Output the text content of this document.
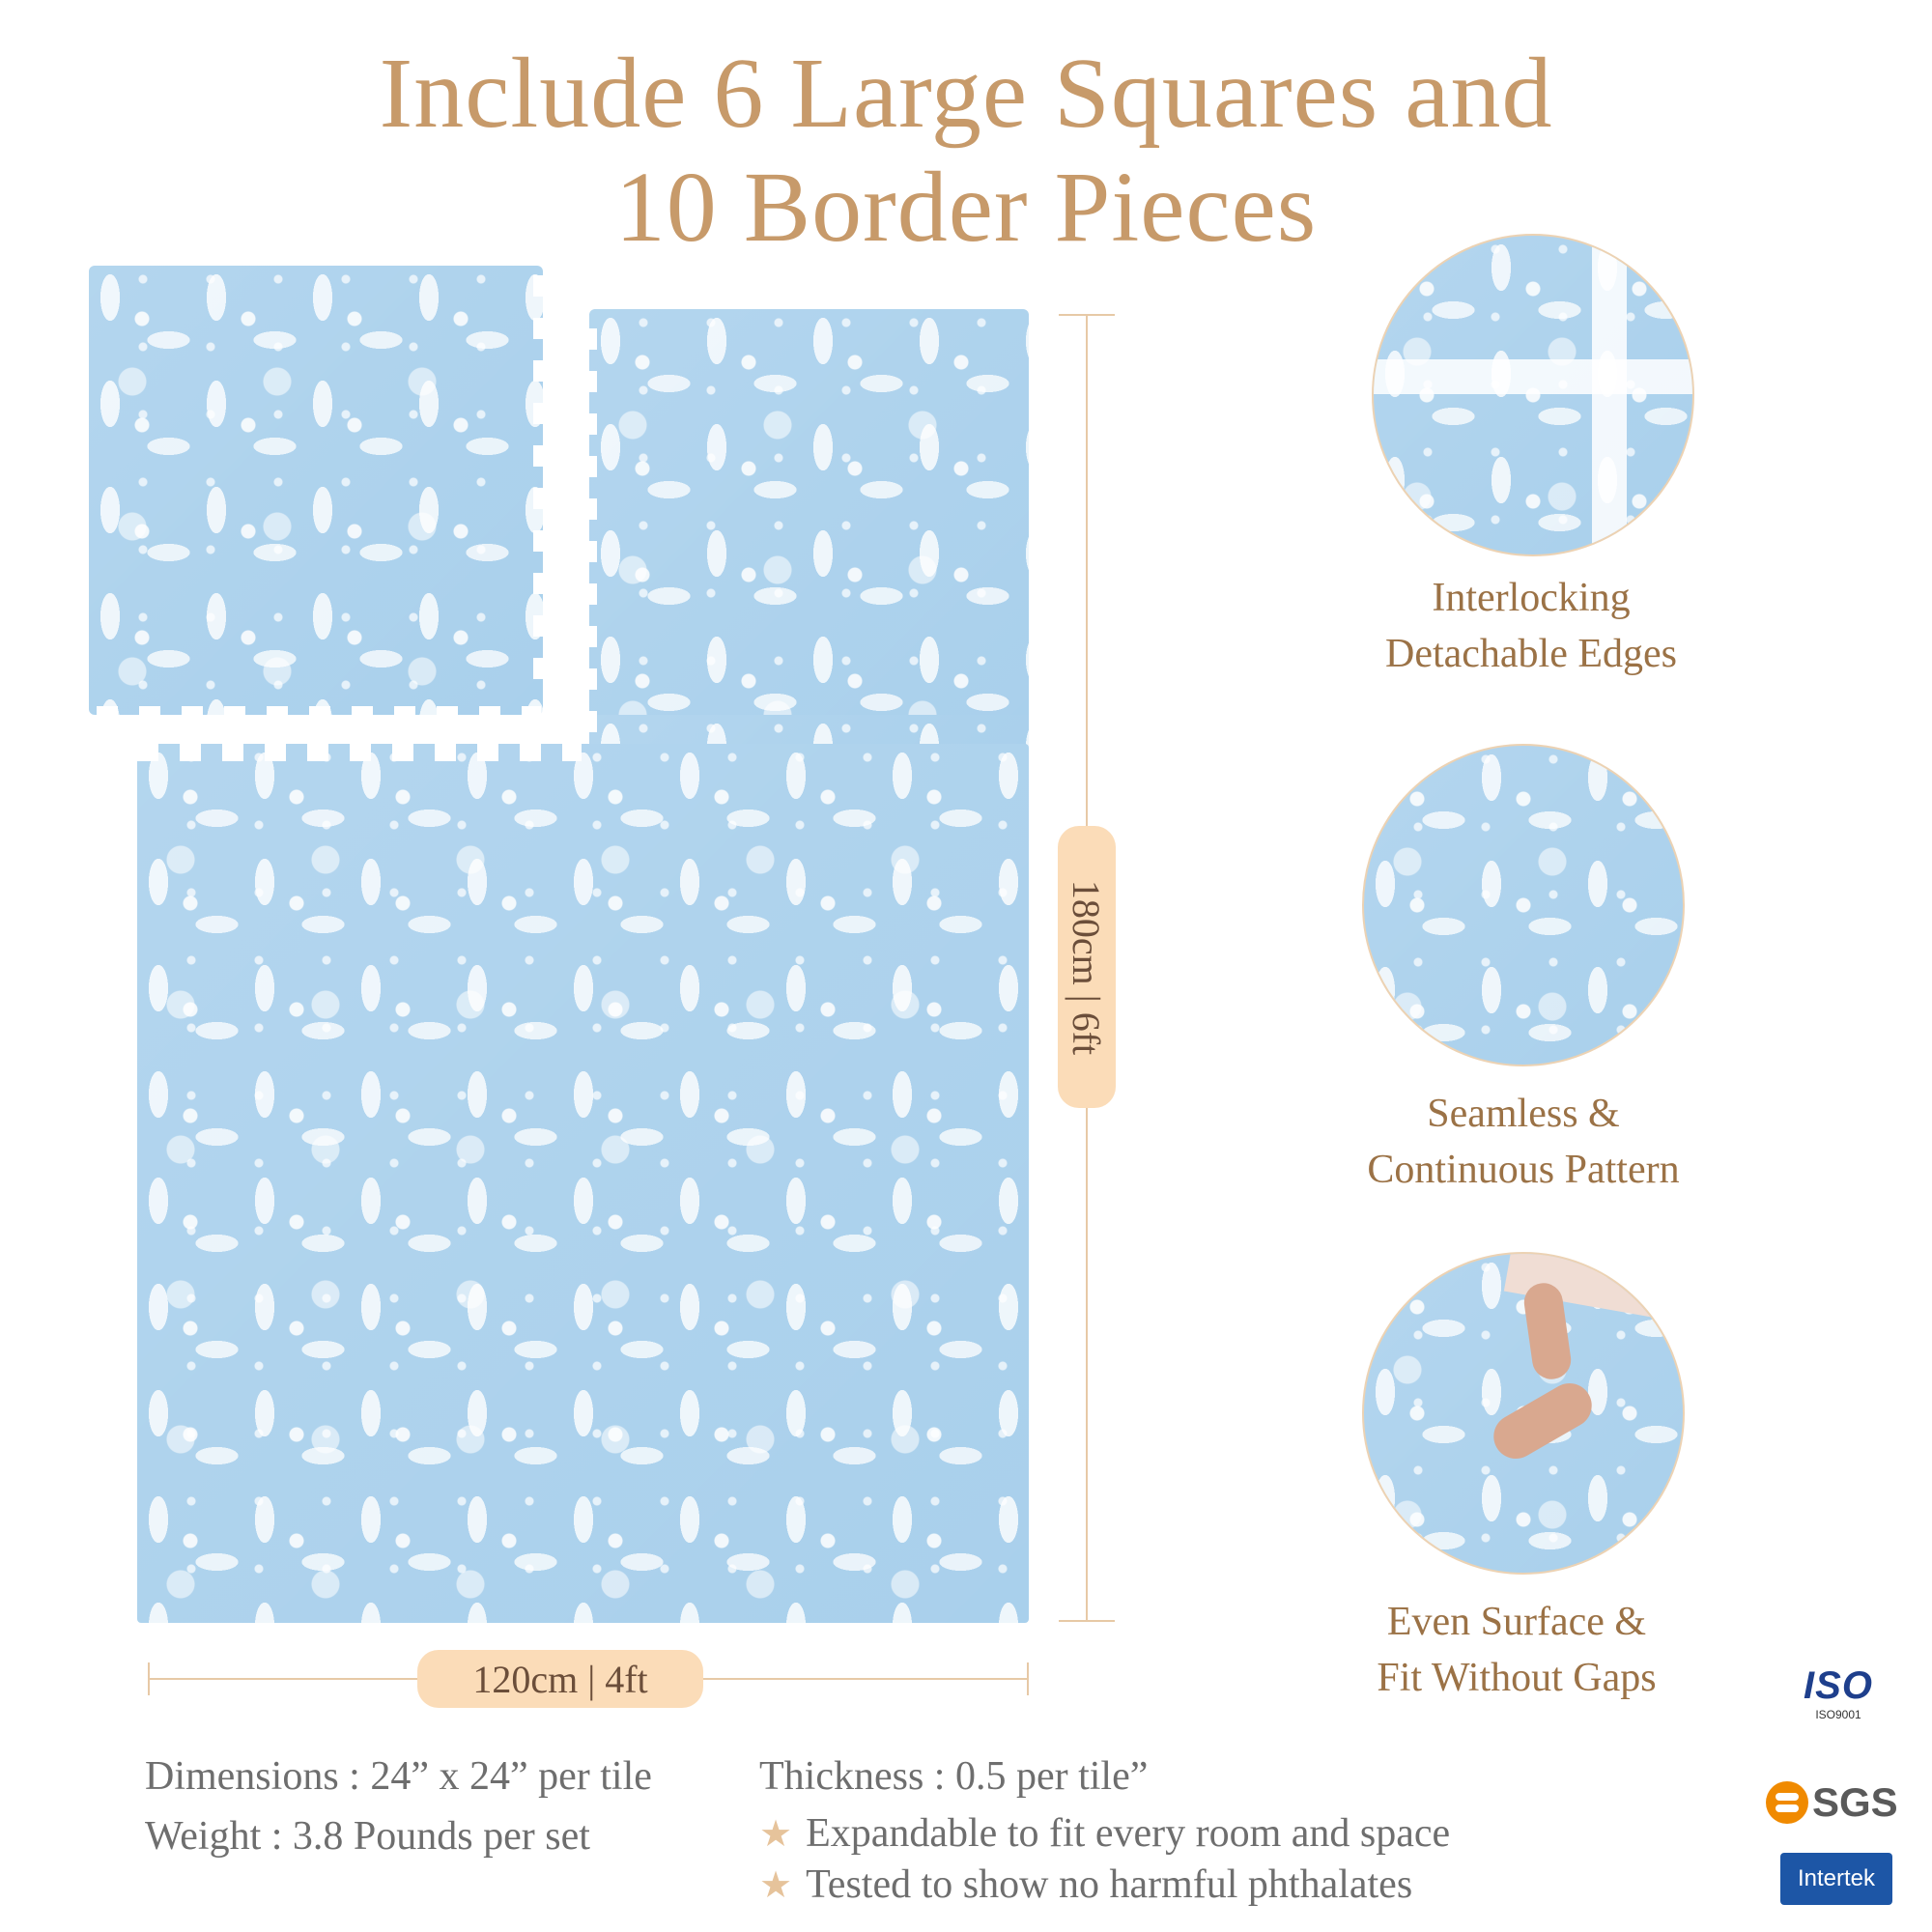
Include 6 Large Squares and
10 Border Pieces
180cm | 6ft
120cm | 4ft
Interlocking
Detachable Edges
Seamless &
Continuous Pattern
Even Surface &
Fit Without Gaps
Dimensions : 24” x 24” per tile
Weight : 3.8 Pounds per set
Thickness : 0.5 per tile”
★ Expandable to fit every room and space
★ Tested to show no harmful phthalates
ISO
ISO9001
SGS
Intertek
